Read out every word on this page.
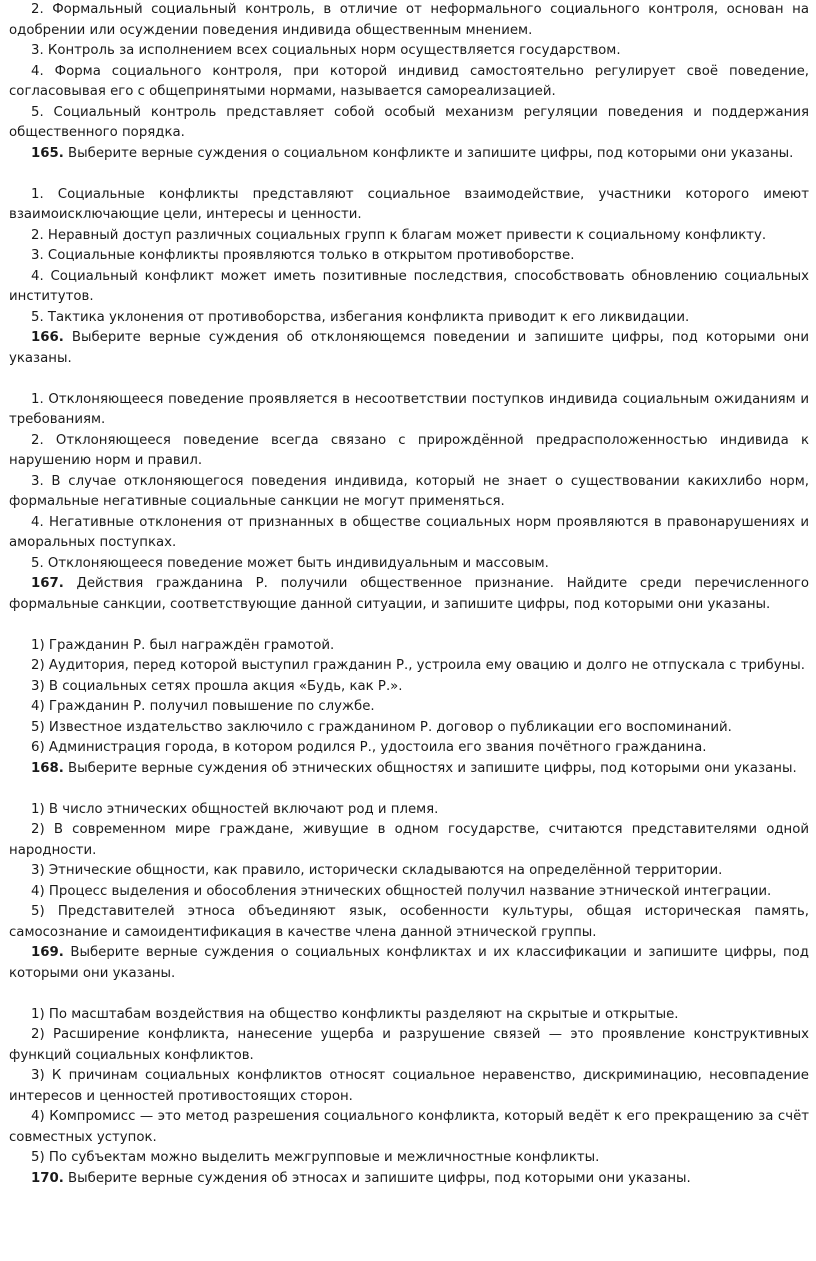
2. Формальный социальный контроль, в отличие от неформального социального контроля, основан на одобрении или осуждении поведения индивида общественным мнением.

3. Контроль за исполнением всех социальных норм осуществляется государством.

4. Форма социального контроля, при которой индивид самостоятельно регулирует своё поведение, согласовывая его с общепринятыми нормами, называется самореализацией.

5. Социальный контроль представляет собой особый механизм регуляции поведения и поддержания общественного порядка.

165. Выберите верные суждения о социальном конфликте и запишите цифры, под которыми они указаны.

1. Социальные конфликты представляют социальное взаимодействие, участники которого имеют взаимоисключающие цели, интересы и ценности.

2. Неравный доступ различных социальных групп к благам может привести к социальному конфликту.

3. Социальные конфликты проявляются только в открытом противоборстве.

4. Социальный конфликт может иметь позитивные последствия, способствовать обновлению социальных институтов.

5. Тактика уклонения от противоборства, избегания конфликта приводит к его ликвидации.

166. Выберите верные суждения об отклоняющемся поведении и запишите цифры, под которыми они указаны.

1. Отклоняющееся поведение проявляется в несоответствии поступков индивида социальным ожиданиям и требованиям.

2. Отклоняющееся поведение всегда связано с прирождённой предрасположенностью индивида к нарушению норм и правил.

3. В случае отклоняющегося поведения индивида, который не знает о существовании какихлибо норм, формальные негативные социальные санкции не могут применяться.

4. Негативные отклонения от признанных в обществе социальных норм проявляются в правонарушениях и аморальных поступках.

5. Отклоняющееся поведение может быть индивидуальным и массовым.

167. Действия гражданина Р. получили общественное признание. Найдите среди перечисленного формальные санкции, соответствующие данной ситуации, и запишите цифры, под которыми они указаны.

1) Гражданин Р. был награждён грамотой.

2) Аудитория, перед которой выступил гражданин Р., устроила ему овацию и долго не отпускала с трибуны.

3) В социальных сетях прошла акция «Будь, как Р.».

4) Гражданин Р. получил повышение по службе.

5) Известное издательство заключило с гражданином Р. договор о публикации его воспоминаний.

6) Администрация города, в котором родился Р., удостоила его звания почётного гражданина.

168. Выберите верные суждения об этнических общностях и запишите цифры, под которыми они указаны.

1) В число этнических общностей включают род и племя.

2) В современном мире граждане, живущие в одном государстве, считаются представителями одной народности.

3) Этнические общности, как правило, исторически складываются на определённой территории.

4) Процесс выделения и обособления этнических общностей получил название этнической интеграции.

5) Представителей этноса объединяют язык, особенности культуры, общая историческая память, самосознание и самоидентификация в качестве члена данной этнической группы.

169. Выберите верные суждения о социальных конфликтах и их классификации и запишите цифры, под которыми они указаны.

1) По масштабам воздействия на общество конфликты разделяют на скрытые и открытые.

2) Расширение конфликта, нанесение ущерба и разрушение связей — это проявление конструктивных функций социальных конфликтов.

3) К причинам социальных конфликтов относят социальное неравенство, дискриминацию, несовпадение интересов и ценностей противостоящих сторон.

4) Компромисс — это метод разрешения социального конфликта, который ведёт к его прекращению за счёт совместных уступок.

5) По субъектам можно выделить межгрупповые и межличностные конфликты.

170. Выберите верные суждения об этносах и запишите цифры, под которыми они указаны.
